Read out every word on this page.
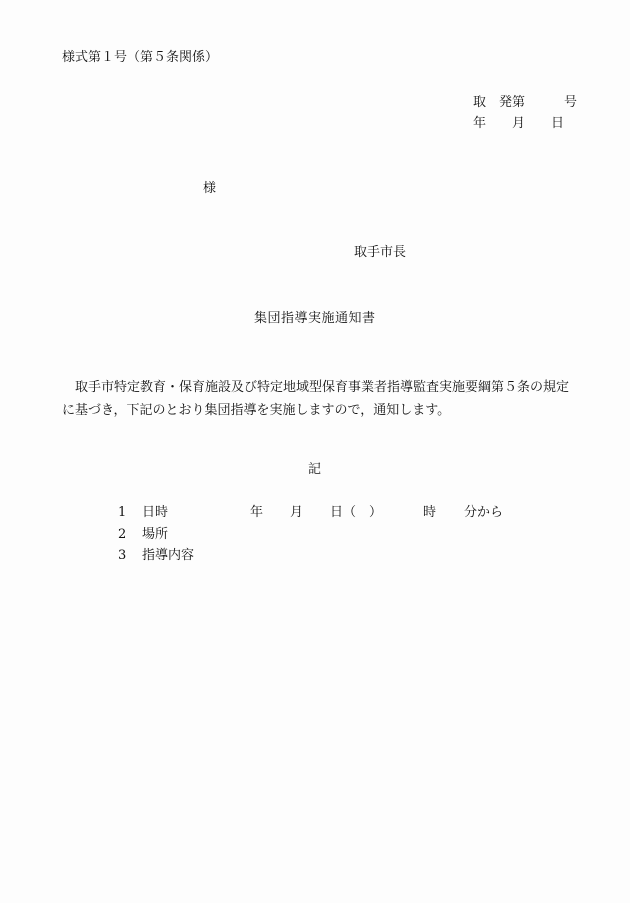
様式第１号（第５条関係）
取　発第　　　号
年　　月　　日
様
取手市長
集団指導実施通知書
取手市特定教育・保育施設及び特定地域型保育事業者指導監査実施要綱第５条の規定に基づき，下記のとおり集団指導を実施しますので，通知します。
記
1 日時	年 月 日（　）	時 分から
2 場所
3 指導内容
